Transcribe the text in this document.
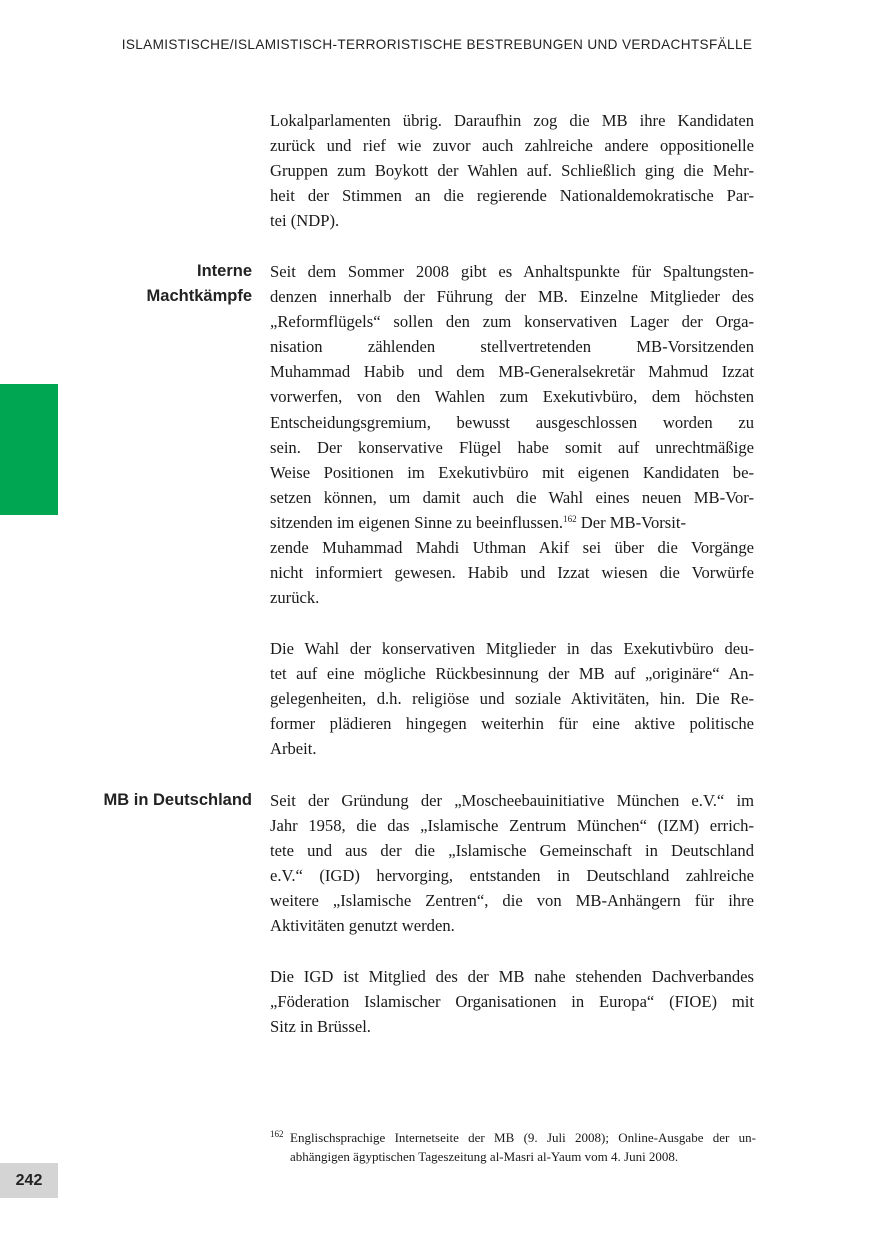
ISLAMISTISCHE/ISLAMISTISCH-TERRORISTISCHE BESTREBUNGEN UND VERDACHTSFÄLLE
242
Lokalparlamenten übrig. Daraufhin zog die MB ihre Kandidaten
zurück und rief wie zuvor auch zahlreiche andere oppositionelle
Gruppen zum Boykott der Wahlen auf. Schließlich ging die Mehr-
heit der Stimmen an die regierende Nationaldemokratische Par-
tei (NDP).
Interne
Machtkämpfe
Seit dem Sommer 2008 gibt es Anhaltspunkte für Spaltungsten-
denzen innerhalb der Führung der MB. Einzelne Mitglieder des
„Reformflügels“ sollen den zum konservativen Lager der Orga-
nisation zählenden stellvertretenden MB-Vorsitzenden
Muhammad Habib und dem MB-Generalsekretär Mahmud Izzat
vorwerfen, von den Wahlen zum Exekutivbüro, dem höchsten
Entscheidungsgremium, bewusst ausgeschlossen worden zu
sein. Der konservative Flügel habe somit auf unrechtmäßige
Weise Positionen im Exekutivbüro mit eigenen Kandidaten be-
setzen können, um damit auch die Wahl eines neuen MB-Vor-
sitzenden im eigenen Sinne zu beeinflussen.$^{162}$ Der MB-Vorsit-
zende Muhammad Mahdi Uthman Akif sei über die Vorgänge
nicht informiert gewesen. Habib und Izzat wiesen die Vorwürfe
zurück.
Die Wahl der konservativen Mitglieder in das Exekutivbüro deu-
tet auf eine mögliche Rückbesinnung der MB auf „originäre“ An-
gelegenheiten, d.h. religiöse und soziale Aktivitäten, hin. Die Re-
former plädieren hingegen weiterhin für eine aktive politische
Arbeit.
MB in Deutschland Seit der Gründung der „Moscheebauinitiative München e.V.“ im
Jahr 1958, die das „Islamische Zentrum München“ (IZM) errich-
tete und aus der die „Islamische Gemeinschaft in Deutschland
e.V.“ (IGD) hervorging, entstanden in Deutschland zahlreiche
weitere „Islamische Zentren“, die von MB-Anhängern für ihre
Aktivitäten genutzt werden.
Die IGD ist Mitglied des der MB nahe stehenden Dachverbandes
„Föderation Islamischer Organisationen in Europa“ (FIOE) mit
Sitz in Brüssel.
162 Englischsprachige Internetseite der MB (9. Juli 2008); Online-Ausgabe der un-
abhängigen ägyptischen Tageszeitung al-Masri al-Yaum vom 4. Juni 2008.
